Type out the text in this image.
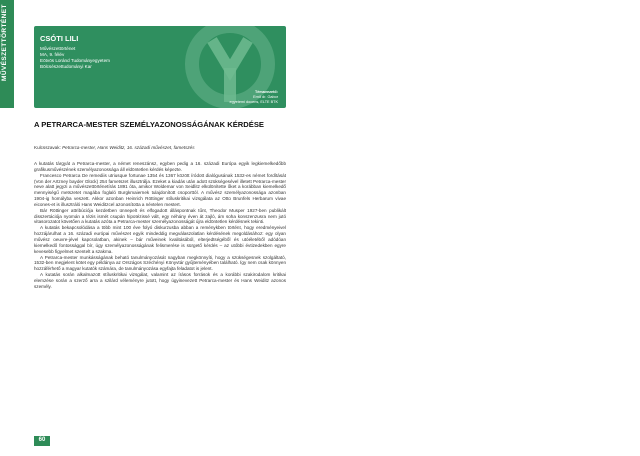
MŰVÉSZETTÖRTÉNET	CSÓTI LILI
Művészettörténet
MA, 9. félév
Eötvös Loránd Tudományegyetem
Bölcsészettudományi Kar
Témavezető:
Ernő dr. Gabor
egyetemi docens, ELTE BTK
A PETRARCA-MESTER SZEMÉLYAZONOSSÁGÁNAK KÉRDÉSE
Kulcsszavak: Petrarca-mester, Hans Weiditz, 16. századi művészet, fametszés

A kutatás tárgyát a Petrarca-mester, a német reneszánsz, egyben pedig a 16. századi Európa egyik legkiemelkedőbb grafikusművészének személyazonossága áll eldöntetlen kérdés képezte.

Francesco Petrarca De remediis utriusque fortunae 1354 és 1367 között íródott dialógusának 1532-es német fordítását (Von der Artzney bayder Glück) 254 fametszet illusztrálja. Ezeket a kiadás után adott szükségesével illetett Petrarca-mester neve alatt jegyzi a művészettörténetírás 1891 óta, amikor Woldemar von Seidlitz elkülönítette őket a korábban kiemelkedő mennyiségű metszetet magába foglaló Burgkmaiernek tulajdonított csoporttól. A művész személyazonossága azonban 1904-ig homályba veszett. Akkor azonban Heinrich Röttinger stíluskritikai vizsgálata az Otto Brunfels Herbarum vivae eicones-et is illusztráló Hans Weiditzcel azonosította a névtelen mestert.

Bár Röttinger attribúciója kezdetben ünnepelt és elfogadott álláspontnak tűnt, Theodor Musper 1927-ben publikált disszertációja nyomán a tézis ismét csupán hipotézissé vált, egy néhány éven át zajló, ám soha konszenzusra nem jutó vitasorozatot követően a kutatás azóta a Petrarca-mester személyazonosságát újra eldöntetlen kérdésnek tekinti.

A kutatás bekapcsolódása a több mint 100 éve folyó diskurzusba abban a reménykben történt, hogy eredményeivel hozzájárulhat a 16. századi európai művészet egyik mindeddig megválaszolatlan kérdésének megoldásához: egy olyan művész oeuvre-jével kapcsolatban, akinek – bár műveinek kvalitásából, elterjedtségéből és utóéletéből adódóan kiemelkedő fontossággal bír, úgy személyazonosságának felismerése is sürgető kérdés – az utóbbi évtizedekben egyre kevesebb figyelmet szentelt a szakma.

A Petrarca-mester munkásságának beható tanulmányozását nagyban megkönnyíti, hogy a szükségesnek szolgáltató, 1532-ben megjelent kötet egy példánya az Országos Széchényi Könyvtár gyűjteményében található. Így nem csak könnyen hozzáférhető a magyar kutatók számára, de tanulmányozása egyfajta feladatot is jelent.

A kutatás során alkalmazott stíluskritikai vizsgálat, valamint az írásos források és a korábbi szakirodalom kritikai elemzése során a szerző arra a szilárd véleményre jutott, hogy úgyinevezett Petrarca-mester és Hans Weiditz azonos személy.

60
